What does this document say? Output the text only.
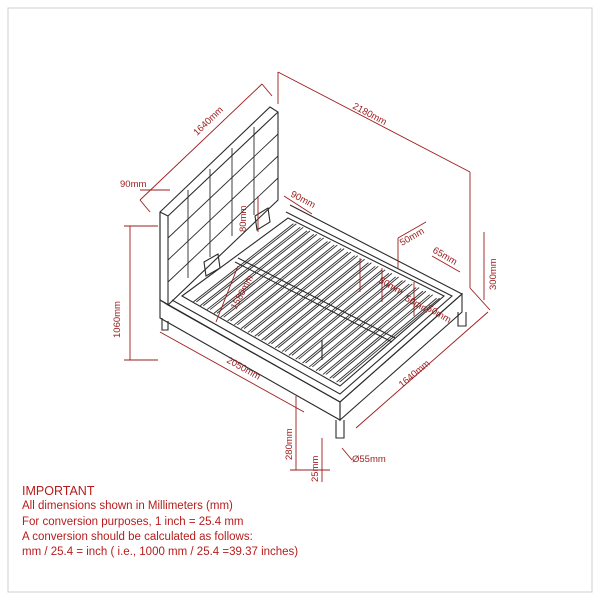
1640mm	2180mm
90mm
1060mm
90mm
80mm
50mm
65mm
300mm
1580mm	50mm
50mm
50mm
2050mm	1640mm
280mm
25mm	Ø55mm
IMPORTANT
All dimensions shown in Millimeters (mm)
For conversion purposes, 1 inch = 25.4 mm
A conversion should be calculated as follows:
mm / 25.4 = inch ( i.e., 1000 mm / 25.4 =39.37 inches)
